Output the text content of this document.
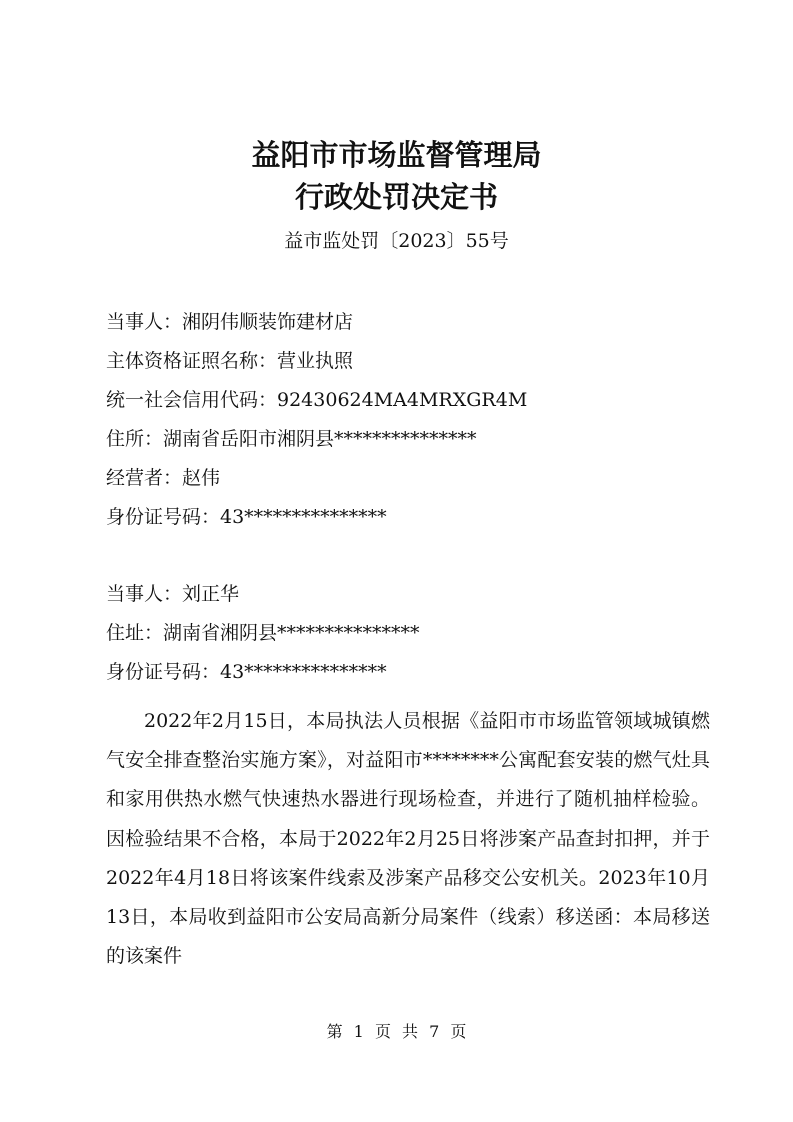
益阳市市场监督管理局
行政处罚决定书
益市监处罚〔2023〕55号
当事人：湘阴伟顺装饰建材店
主体资格证照名称：营业执照
统一社会信用代码：92430624MA4MRXGR4M
住所：湖南省岳阳市湘阴县***************
经营者：赵伟
身份证号码：43***************
当事人：刘正华
住址：湖南省湘阴县***************
身份证号码：43***************

2022年2月15日，本局执法人员根据《益阳市市场监管领域城镇燃气安全排查整治实施方案》，对益阳市********公寓配套安装的燃气灶具和家用供热水燃气快速热水器进行现场检查，并进行了随机抽样检验。因检验结果不合格，本局于2022年2月25日将涉案产品查封扣押，并于2022年4月18日将该案件线索及涉案产品移交公安机关。2023年10月13日，本局收到益阳市公安局高新分局案件（线索）移送函：本局移送的该案件

第 1 页 共 7 页
